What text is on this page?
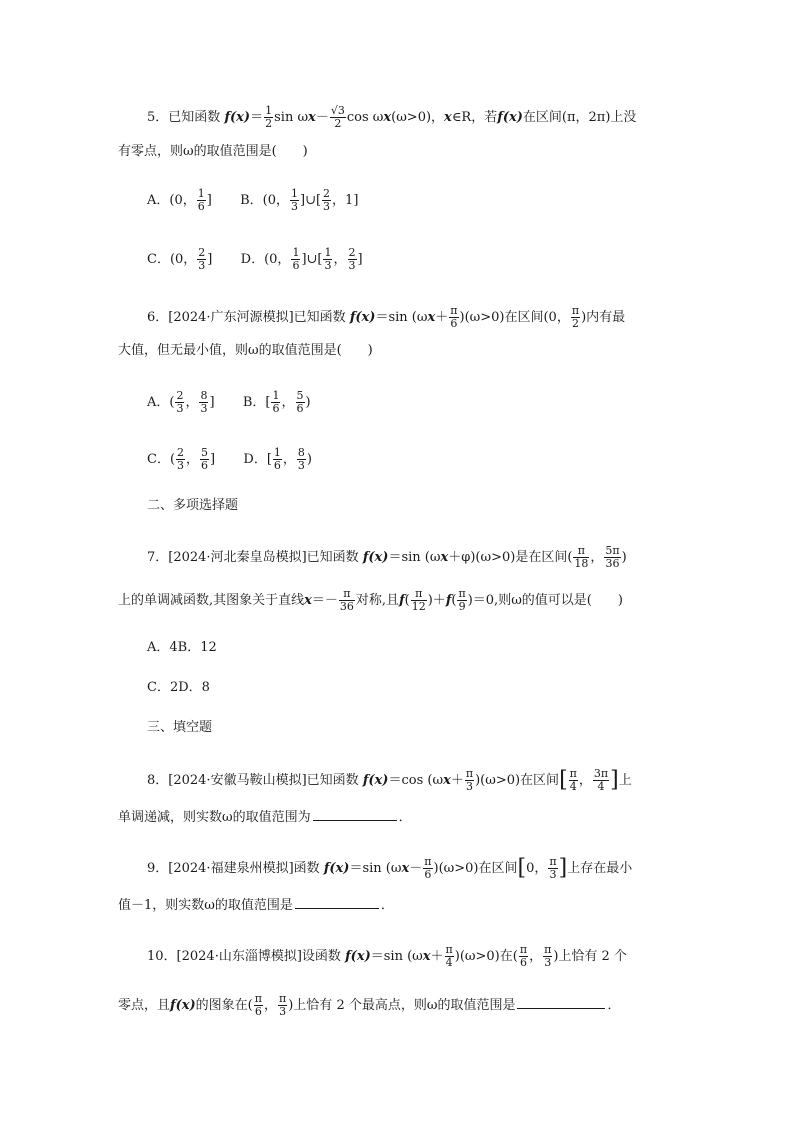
5．已知函数 $f(x)= \frac{1}{2}$ $\sin \omega x- \frac{√3}{2}$ cos ωx(ω>0)，x∈R，若f(x)在区间(π，2π)上没
有零点，则ω的取值范围是(　　)
A．(0， $\frac{1}{6}$ ] B．(0， $\frac{1}{3}$ ]∪[ $\frac{2}{3}$ ，1]
C．(0， $\frac{2}{3}$ ] D．(0， $\frac{1}{6}$ ]∪[ $\frac{1}{3}$ ， $\frac{2}{3}$ ]
6．[2024·广东河源模拟]已知函数 f(x)＝sin $(\omega x+ \frac{\pi}{6} )(\omega>0)$在区间(0， $\frac{\pi}{2}$ )内有最
大值，但无最小值，则ω的取值范围是(　　)
A．( $\frac{2}{3}$ ， $\frac{8}{3}$ ] B．[ $\frac{1}{6}$ ， $\frac{5}{6}$ )
C．( $\frac{2}{3}$ ， $\frac{5}{6}$ ] D．[ $\frac{1}{6}$ ， $\frac{8}{3}$ )
二、多项选择题
7．[2024·河北秦皇岛模拟]已知函数 f(x)＝sin (ωx＋φ)(ω>0)是在区间( $\frac{\pi}{18}$ ， $\frac{5\pi}{36}$ )
上的单调减函数,其图象关于直线$x=- \frac{\pi}{36}$ 对称,且$f( \frac{\pi}{12} )+f( \frac{\pi}{9} )=0$,则ω的值可以是(　　)
A．4B．12
C．2D．8
三、填空题
8．[2024·安徽马鞍山模拟]已知函数 f(x)＝cos $(\omega x+ \frac{\pi}{3} )(\omega>0)$在区间[ $\frac{\pi}{4}$ ， $\frac{3\pi}{4}$ ]上
单调递减，则实数ω的取值范围为	．
9．[2024·福建泉州模拟]函数 f(x)＝sin $(\omega x- \frac{\pi}{6} )(\omega>0)$在区间[0， $\frac{\pi}{3}$ ]上存在最小
值－1，则实数ω的取值范围是	．
10．[2024·山东淄博模拟]设函数 f(x)＝sin $(\omega x+ \frac{\pi}{4} )(\omega>0)$在( $\frac{\pi}{6}$ ， $\frac{\pi}{3}$ )上恰有 2 个
零点，且f(x)的图象在( $\frac{\pi}{6}$ ， $\frac{\pi}{3}$ )上恰有 2 个最高点，则ω的取值范围是	．
